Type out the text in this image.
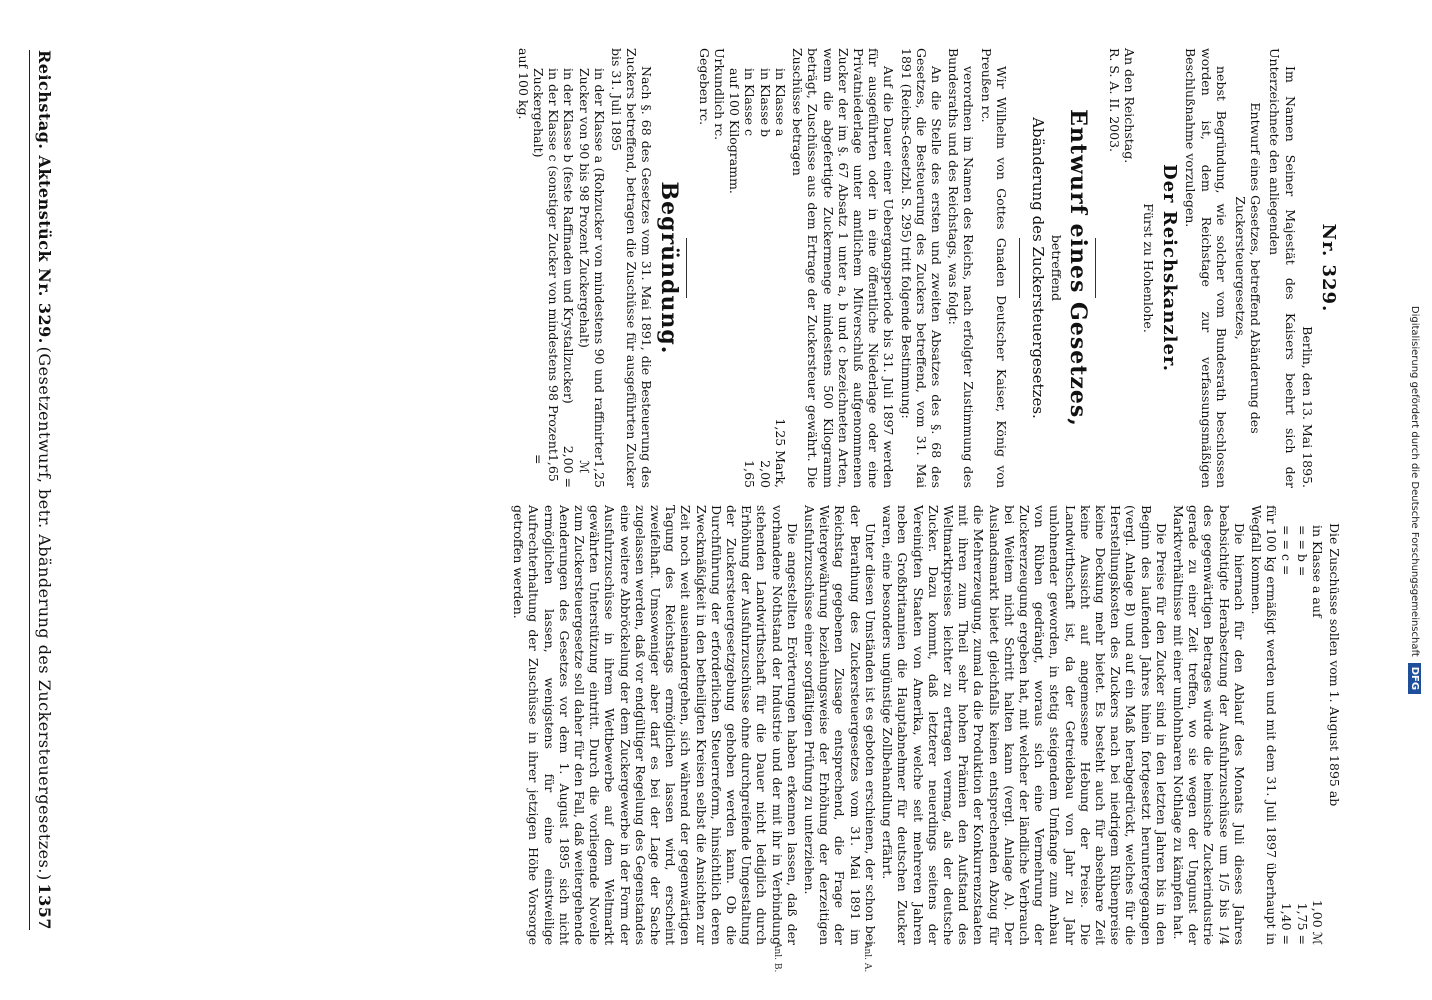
Digitalisierung gefördert durch die Deutsche Forschungsgemeinschaft
DFG
Reichstag. Aktenstück Nr. 329.
(Gesetzentwurf, betr. Abänderung des Zuckersteuergesetzes.)
1357
Nr. 329.
Berlin, den 13. Mai 1895.

Im Namen Seiner Majestät des Kaisers beehrt sich der Unterzeichnete den anliegenden

Entwurf eines Gesetzes, betreffend Abänderung des Zuckersteuergesetzes,

nebst Begründung, wie solcher vom Bundesrath beschlossen worden ist, dem Reichstage zur verfassungsmäßigen Beschlußnahme vorzulegen.

Der Reichskanzler.
Fürst zu Hohenlohe.
An den Reichstag.
R. S. A. II. 2003.
Entwurf eines Gesetzes,
betreffend
Abänderung des Zuckersteuergesetzes.

Wir Wilhelm von Gottes Gnaden Deutscher Kaiser, König von Preußen rc.

verordnen im Namen des Reichs, nach erfolgter Zustimmung des Bundesraths und des Reichstags, was folgt:

An die Stelle des ersten und zweiten Absatzes des §. 68 des Gesetzes, die Besteuerung des Zuckers betreffend, vom 31. Mai 1891 (Reichs-Gesetzbl. S. 295) tritt folgende Bestimmung:

Auf die Dauer einer Uebergangsperiode bis 31. Juli 1897 werden für ausgeführten oder in eine öffentliche Niederlage oder eine Privatniederlage unter amtlichem Mitverschluß aufgenommenen Zucker der im §. 67 Absatz 1 unter a, b und c bezeichneten Arten, wenn die abgefertigte Zuckermenge mindestens 500 Kilogramm beträgt, Zuschüsse aus dem Ertrage der Zuckersteuer gewährt. Die Zuschüsse betragen

in Klasse a
1,25 Mark,
in Klasse b
2,00
in Klasse c
1,65
auf 100 Kilogramm.
Urkundlich rc.
Gegeben rc.
Begründung.

Nach §. 68 des Gesetzes vom 31. Mai 1891, die Besteuerung des Zuckers betreffend, betragen die Zuschüsse für ausgeführten Zucker bis 31. Juli 1895

in der Klasse a (Rohzucker von mindestens 90 und raffinirter Zucker von 90 bis 98 Prozent Zuckergehalt)
1,25 ℳ
in der Klasse b (feste Raffinaden und Krystallzucker)
2,00 =
in der Klasse c (sonstiger Zucker von mindestens 98 Prozent Zuckergehalt)
1,65 =
auf 100 kg.

Die Zuschüsse sollen vom 1. August 1895 ab

in Klasse a auf
1,00 ℳ
= = b =
1,75 =
= = c =
1,40 =

für 100 kg ermäßigt werden und mit dem 31. Juli 1897 überhaupt in Wegfall kommen.

Die hiernach für den Ablauf des Monats Juli dieses Jahres beabsichtigte Herabsetzung der Ausfuhrzuschüsse um 1/5 bis 1/4 des gegenwärtigen Betrages würde die heimische Zuckerindustrie gerade zu einer Zeit treffen, wo sie wegen der Ungunst der Marktverhältnisse mit einer umlohnbaren Nothlage zu kämpfen hat.

Die Preise für den Zucker sind in den letzten Jahren bis in den Beginn des laufenden Jahres hinein fortgesetzt heruntergegangen (vergl. Anlage B) und auf ein Maß herabgedrückt, welches für die Herstellungskosten des Zuckers nach bei niedrigem Rübenpreise keine Deckung mehr bietet. Es besteht auch für absehbare Zeit keine Aussicht auf angemessene Hebung der Preise. Die Landwirthschaft ist, da der Getreidebau von Jahr zu Jahr unlohnender geworden, in stetig steigendem Umfange zum Anbau von Rüben gedrängt, woraus sich eine Vermehrung der Zuckererzeugung ergeben hat, mit welcher der ländliche Verbrauch bei Weitem nicht Schritt halten kann (vergl. Anlage A). Der Auslandsmarkt bietet gleichfalls keinen entsprechenden Abzug für die Mehrerzeugung, zumal da die Produktion der Konkurrenzstaaten mit ihren zum Theil sehr hohen Prämien den Aufstand des Weltmarktpreises leichter zu ertragen vermag, als der deutsche Zucker. Dazu kommt, daß letzterer neuerdings seitens der Vereinigten Staaten von Amerika, welche seit mehreren Jahren neben Großbritannien die Hauptabnehmer für deutschen Zucker waren, eine besonders ungünstige Zollbehandlung erfährt.

Unter diesen Umständen ist es geboten erschienen, der schon bei der Berathung des Zuckersteuergesetzes vom 31. Mai 1891 im Reichstag gegebenen Zusage entsprechend, die Frage der Weitergewährung beziehungsweise der Erhöhung der derzeitigen Ausfuhrzuschüsse einer sorgfältigen Prüfung zu unterziehen.

Die angestellten Erörterungen haben erkennen lassen, daß der vorhandene Nothstand der Industrie und der mit ihr in Verbindung stehenden Landwirthschaft für die Dauer nicht lediglich durch Erhöhung der Ausfuhrzuschüsse ohne durchgreifende Umgestaltung der Zuckersteuergesetzgebung gehoben werden kann. Ob die Durchführung der erforderlichen Steuerreform, hinsichtlich deren Zweckmäßigkeit in den betheiligten Kreisen selbst die Ansichten zur Zeit noch weit auseinandergehen, sich während der gegenwärtigen Tagung des Reichstags ermöglichen lassen wird, erscheint zweifelhaft. Umsoweniger aber darf es bei der Lage der Sache zugelassen werden, daß vor endgültiger Regelung des Gegenstandes eine weitere Abbröckelung der dem Zuckergewerbe in der Form der Ausfuhrzuschüsse in ihrem Wettbewerbe auf dem Weltmarkt gewährten Unterstützung eintritt. Durch die vorliegende Novelle zum Zuckersteuergesetze soll daher für den Fall, daß weitergehende Aenderungen des Gesetzes vor dem 1. August 1895 sich nicht ermöglichen lassen, wenigstens für eine einstweilige Aufrechterhaltung der Zuschüsse in ihrer jetzigen Höhe Vorsorge getroffen werden.

Anl. B.	Anl. A.
